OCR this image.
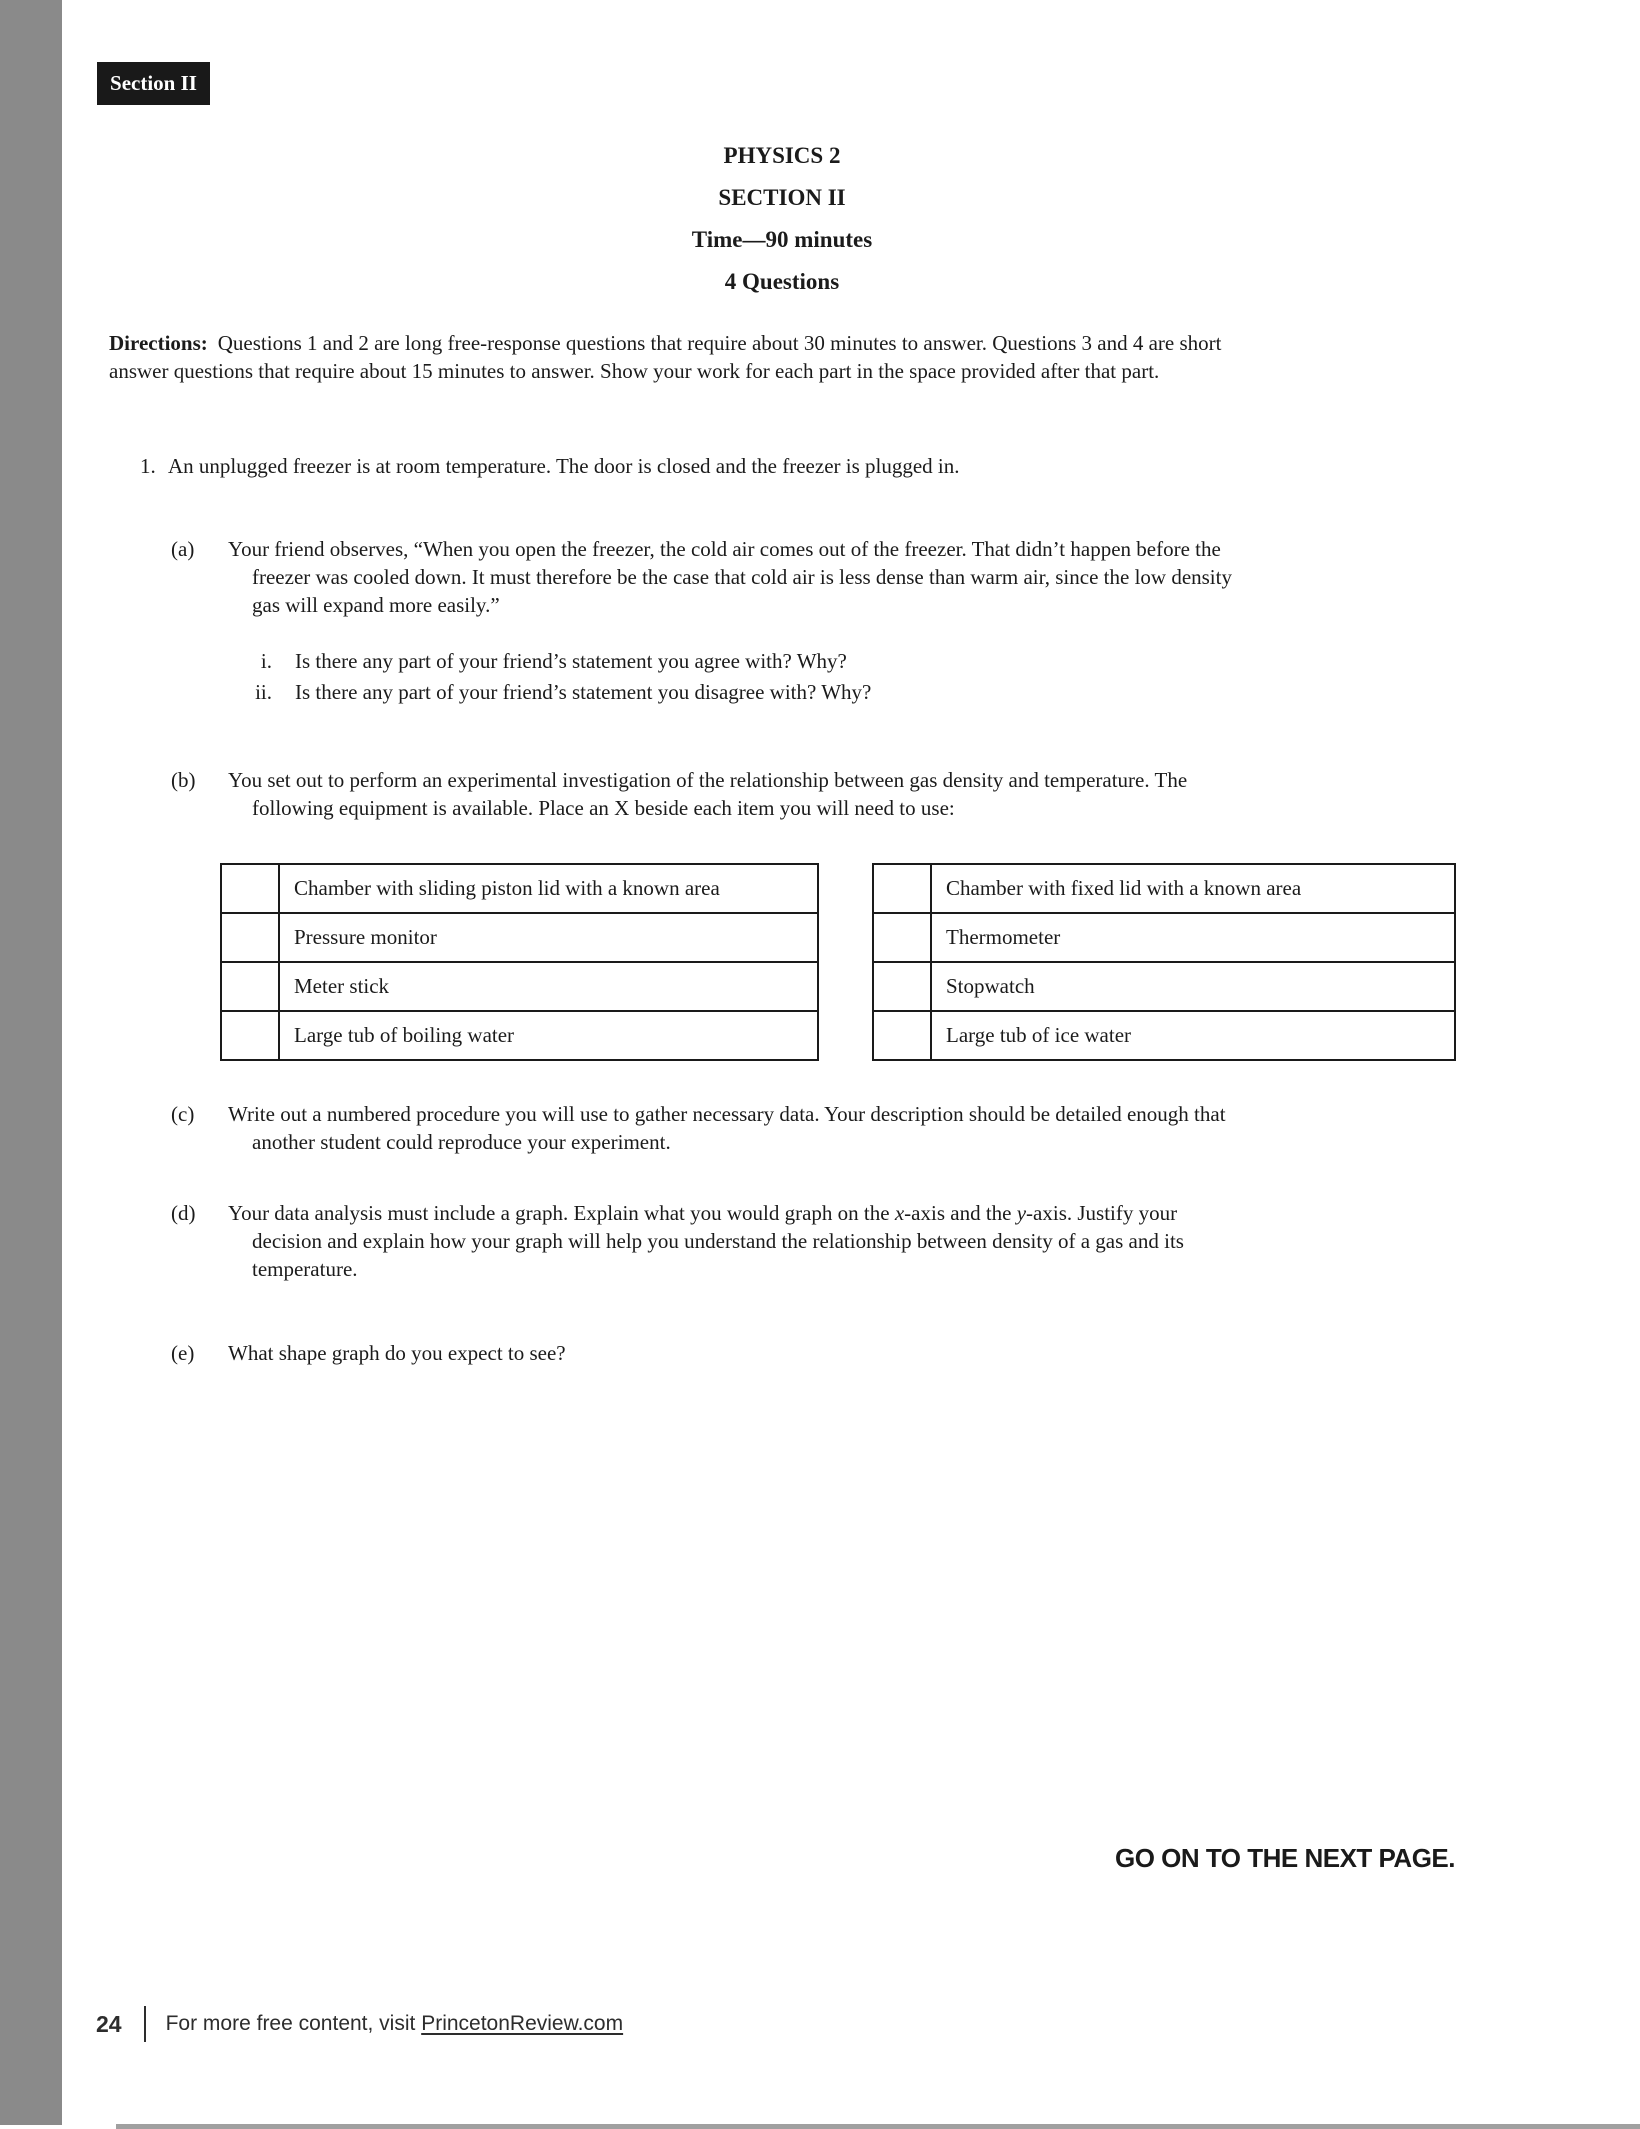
Section II
PHYSICS 2
SECTION II
Time—90 minutes
4 Questions
Directions: Questions 1 and 2 are long free-response questions that require about 30 minutes to answer. Questions 3 and 4 are short
answer questions that require about 15 minutes to answer. Show your work for each part in the space provided after that part.
1. An unplugged freezer is at room temperature. The door is closed and the freezer is plugged in.
(a) Your friend observes, “When you open the freezer, the cold air comes out of the freezer. That didn’t happen before the
freezer was cooled down. It must therefore be the case that cold air is less dense than warm air, since the low density
gas will expand more easily.”
i. Is there any part of your friend’s statement you agree with? Why?
ii. Is there any part of your friend’s statement you disagree with? Why?
(b) You set out to perform an experimental investigation of the relationship between gas density and temperature. The
following equipment is available. Place an X beside each item you will need to use:
Chamber with sliding piston lid with a known area
Pressure monitor
Meter stick
Large tub of boiling water
Chamber with fixed lid with a known area
Thermometer
Stopwatch
Large tub of ice water
(c) Write out a numbered procedure you will use to gather necessary data. Your description should be detailed enough that
another student could reproduce your experiment.
(d) Your data analysis must include a graph. Explain what you would graph on the x-axis and the y-axis. Justify your
decision and explain how your graph will help you understand the relationship between density of a gas and its
temperature.
(e) What shape graph do you expect to see?
GO ON TO THE NEXT PAGE.
24 For more free content, visit PrincetonReview.com
